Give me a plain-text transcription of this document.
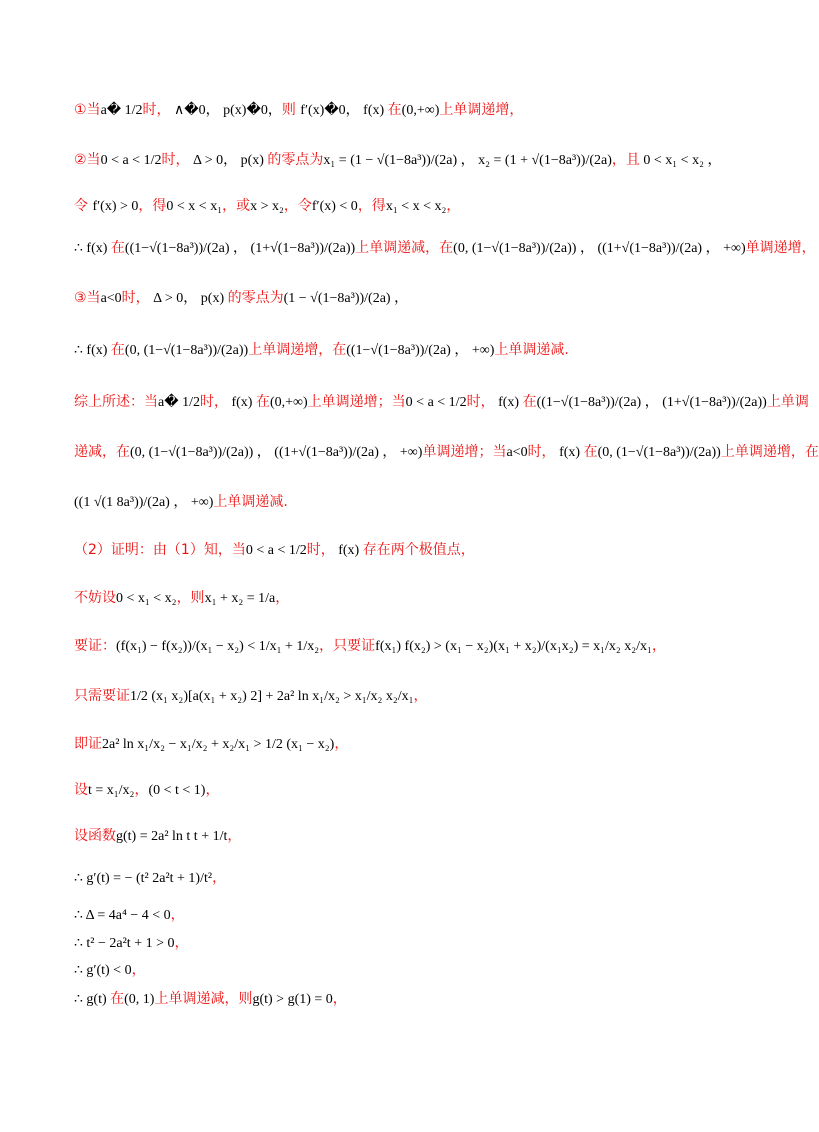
①当a� 1/2时， ∧�0， p(x)�0，则 f′(x)�0， f(x) 在(0,+∞)上单调递增，
②当0 < a < 1/2时， Δ > 0， p(x) 的零点为x₁ = (1 − √(1−8a³))/(2a) ， x₂ = (1 + √(1−8a³))/(2a)，且 0 < x₁ < x₂ ，
令 f′(x) > 0，得0 < x < x₁，或x > x₂，令f′(x) < 0，得x₁ < x < x₂，
∴ f(x) 在((1−√(1−8a³))/(2a) ， (1+√(1−8a³))/(2a))上单调递减，在(0, (1−√(1−8a³))/(2a)) ， ((1+√(1−8a³))/(2a) ， +∞)单调递增，
③当a<0时， Δ > 0， p(x) 的零点为(1 − √(1−8a³))/(2a) ，
∴ f(x) 在(0, (1−√(1−8a³))/(2a))上单调递增，在((1−√(1−8a³))/(2a) ， +∞)上单调递减.
综上所述：当a� 1/2时， f(x) 在(0,+∞)上单调递增；当0 < a < 1/2时， f(x) 在((1−√(1−8a³))/(2a) ， (1+√(1−8a³))/(2a))上单调
递减，在(0, (1−√(1−8a³))/(2a)) ， ((1+√(1−8a³))/(2a) ， +∞)单调递增；当a<0时， f(x) 在(0, (1−√(1−8a³))/(2a))上单调递增，在
((1 √(1 8a³))/(2a) ， +∞)上单调递减.
（2）证明：由（1）知，当0 < a < 1/2时， f(x) 存在两个极值点，
不妨设0 < x₁ < x₂，则x₁ + x₂ = 1/a，
要证：(f(x₁) − f(x₂))/(x₁ − x₂) < 1/x₁ + 1/x₂，只要证f(x₁) f(x₂) > (x₁ − x₂)(x₁ + x₂)/(x₁x₂) = x₁/x₂ x₂/x₁，
只需要证1/2 (x₁ x₂)[a(x₁ + x₂) 2] + 2a² ln x₁/x₂ > x₁/x₂ x₂/x₁，
即证2a² ln x₁/x₂ − x₁/x₂ + x₂/x₁ > 1/2 (x₁ − x₂)，
设t = x₁/x₂，(0 < t < 1)，
设函数g(t) = 2a² ln t t + 1/t，
∴ g′(t) = − (t² 2a²t + 1)/t²，
∴ Δ = 4a⁴ − 4 < 0，
∴ t² − 2a²t + 1 > 0，
∴ g′(t) < 0，
∴ g(t) 在(0, 1)上单调递减，则g(t) > g(1) = 0，
